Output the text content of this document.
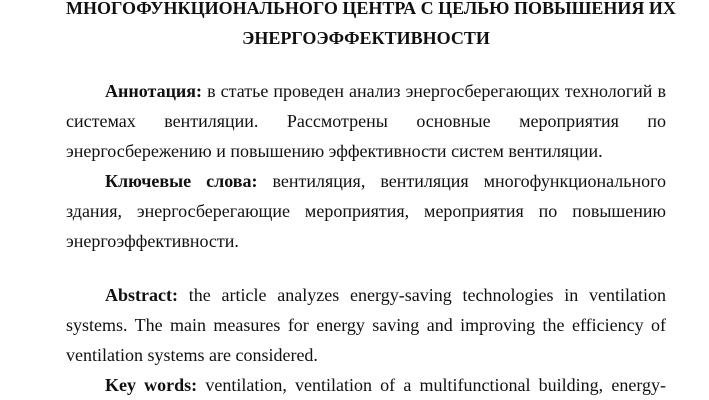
МНОГОФУНКЦИОНАЛЬНОГО ЦЕНТРА С ЦЕЛЬЮ ПОВЫШЕНИЯ ИХ
ЭНЕРГОЭФФЕКТИВНОСТИ
Аннотация: в статье проведен анализ энергосберегающих технологий в
системах вентиляции. Рассмотрены основные мероприятия по
энергосбережению и повышению эффективности систем вентиляции.
Ключевые слова: вентиляция, вентиляция многофункционального
здания, энергосберегающие мероприятия, мероприятия по повышению
энергоэффективности.
Abstract: the article analyzes energy-saving technologies in ventilation
systems. The main measures for energy saving and improving the efficiency of
ventilation systems are considered.
Key words: ventilation, ventilation of a multifunctional building, energy-
